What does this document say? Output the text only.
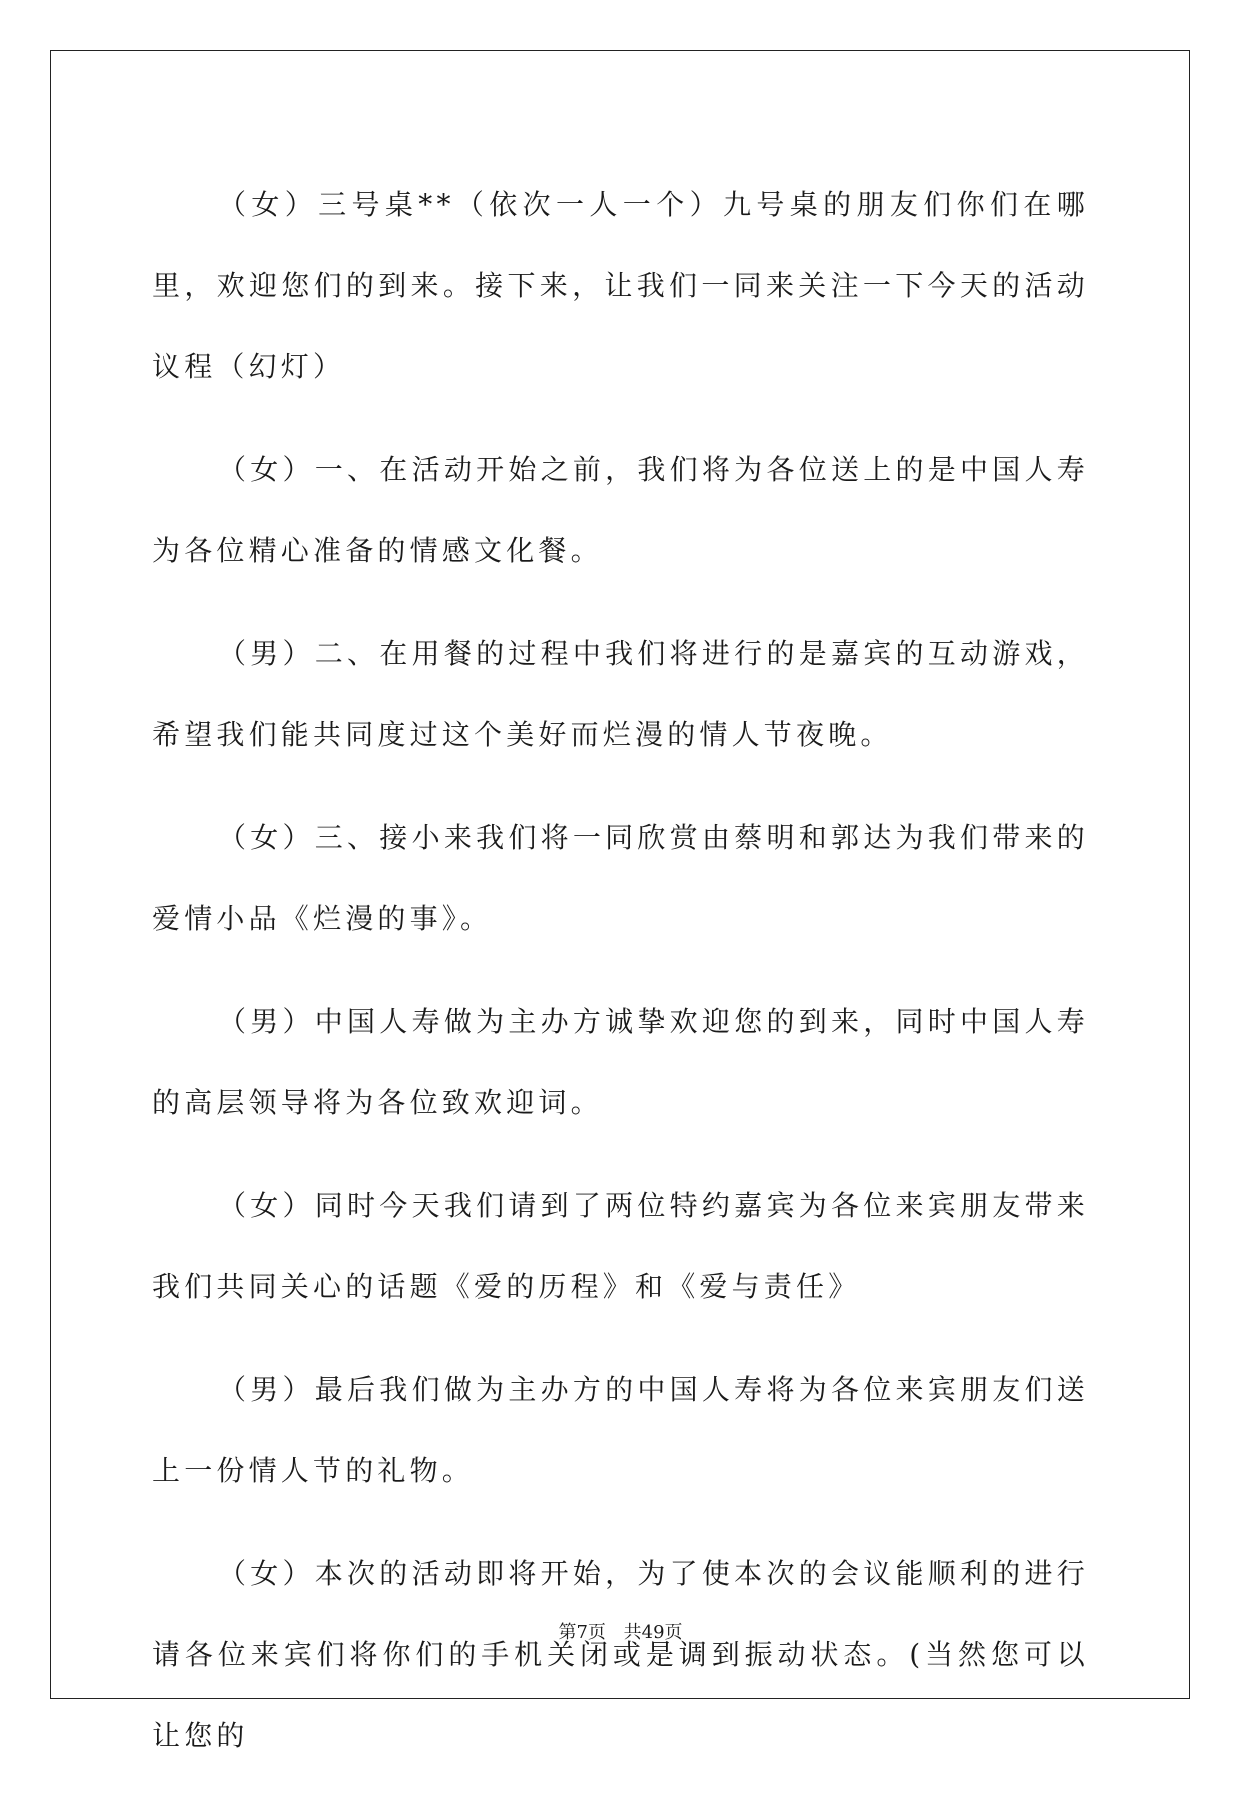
（女）三号桌**（依次一人一个）九号桌的朋友们你们在哪里，欢迎您们的到来。接下来，让我们一同来关注一下今天的活动议程（幻灯）

（女）一、在活动开始之前，我们将为各位送上的是中国人寿为各位精心准备的情感文化餐。

（男）二、在用餐的过程中我们将进行的是嘉宾的互动游戏，希望我们能共同度过这个美好而烂漫的情人节夜晚。

（女）三、接小来我们将一同欣赏由蔡明和郭达为我们带来的爱情小品《烂漫的事》。

（男）中国人寿做为主办方诚挚欢迎您的到来，同时中国人寿的高层领导将为各位致欢迎词。

（女）同时今天我们请到了两位特约嘉宾为各位来宾朋友带来我们共同关心的话题《爱的历程》和《爱与责任》

（男）最后我们做为主办方的中国人寿将为各位来宾朋友们送上一份情人节的礼物。

（女）本次的活动即将开始，为了使本次的会议能顺利的进行请各位来宾们将你们的手机关闭或是调到振动状态。(当然您可以让您的

第7页 共49页
